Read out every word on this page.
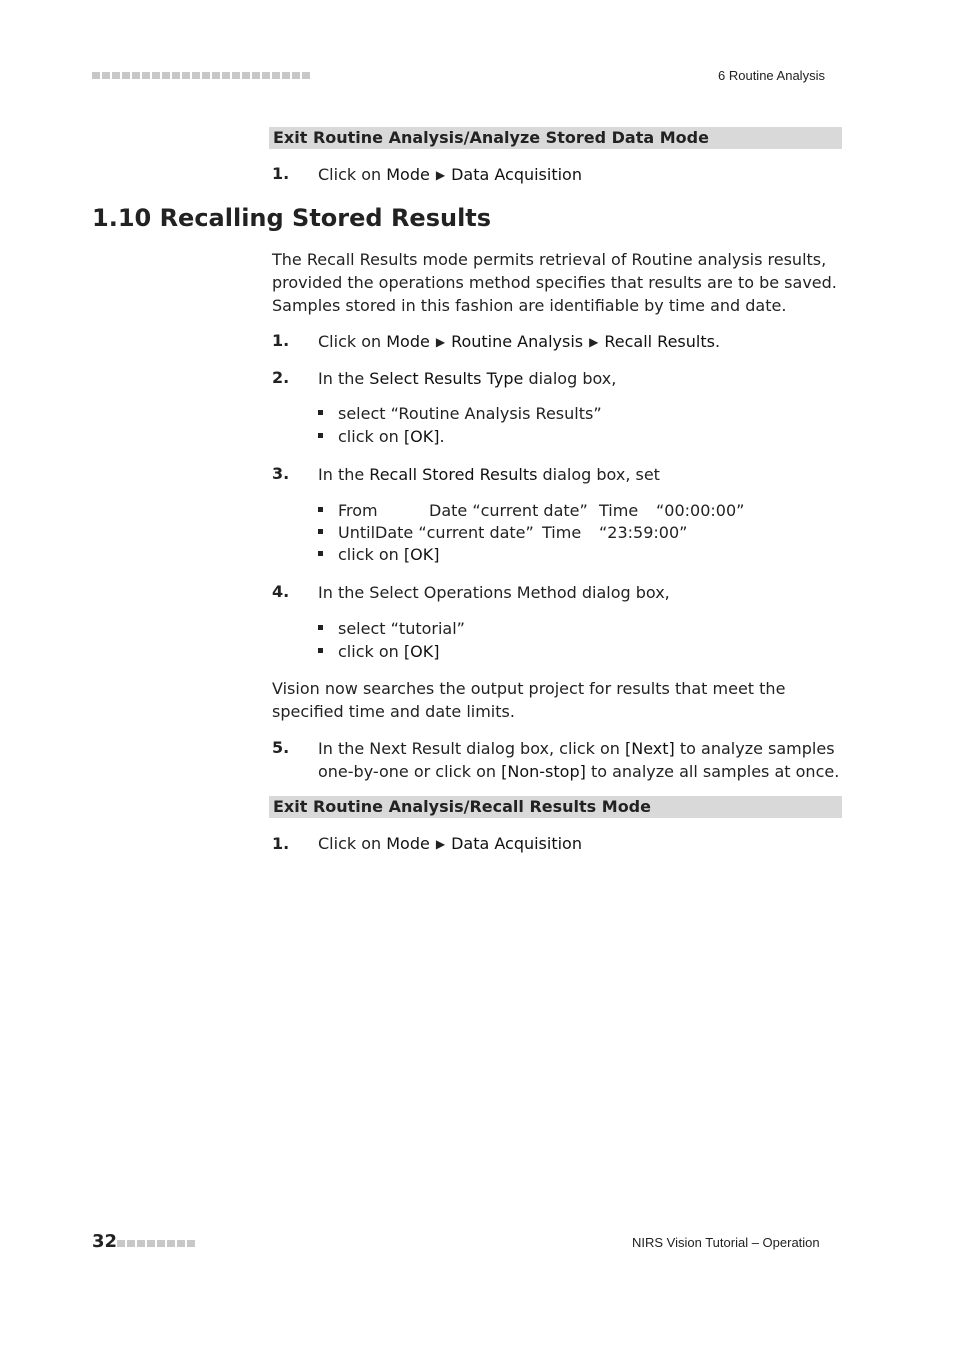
6 Routine Analysis
Exit Routine Analysis/Analyze Stored Data Mode
1. Click on Mode ▶ Data Acquisition
1.10 Recalling Stored Results
The Recall Results mode permits retrieval of Routine analysis results, provided the operations method specifies that results are to be saved. Samples stored in this fashion are identifiable by time and date.
1. Click on Mode ▶ Routine Analysis ▶ Recall Results.
2. In the Select Results Type dialog box,
select “Routine Analysis Results”
click on [OK].
3. In the Recall Stored Results dialog box, set
From	Date “current date” Time “00:00:00”
UntilDate “current date” Time “23:59:00”
click on [OK]
4. In the Select Operations Method dialog box,
select “tutorial”
click on [OK]
Vision now searches the output project for results that meet the specified time and date limits.
5. In the Next Result dialog box, click on [Next] to analyze samples one-by-one or click on [Non-stop] to analyze all samples at once.
Exit Routine Analysis/Recall Results Mode
1. Click on Mode ▶ Data Acquisition
32	NIRS Vision Tutorial – Operation
